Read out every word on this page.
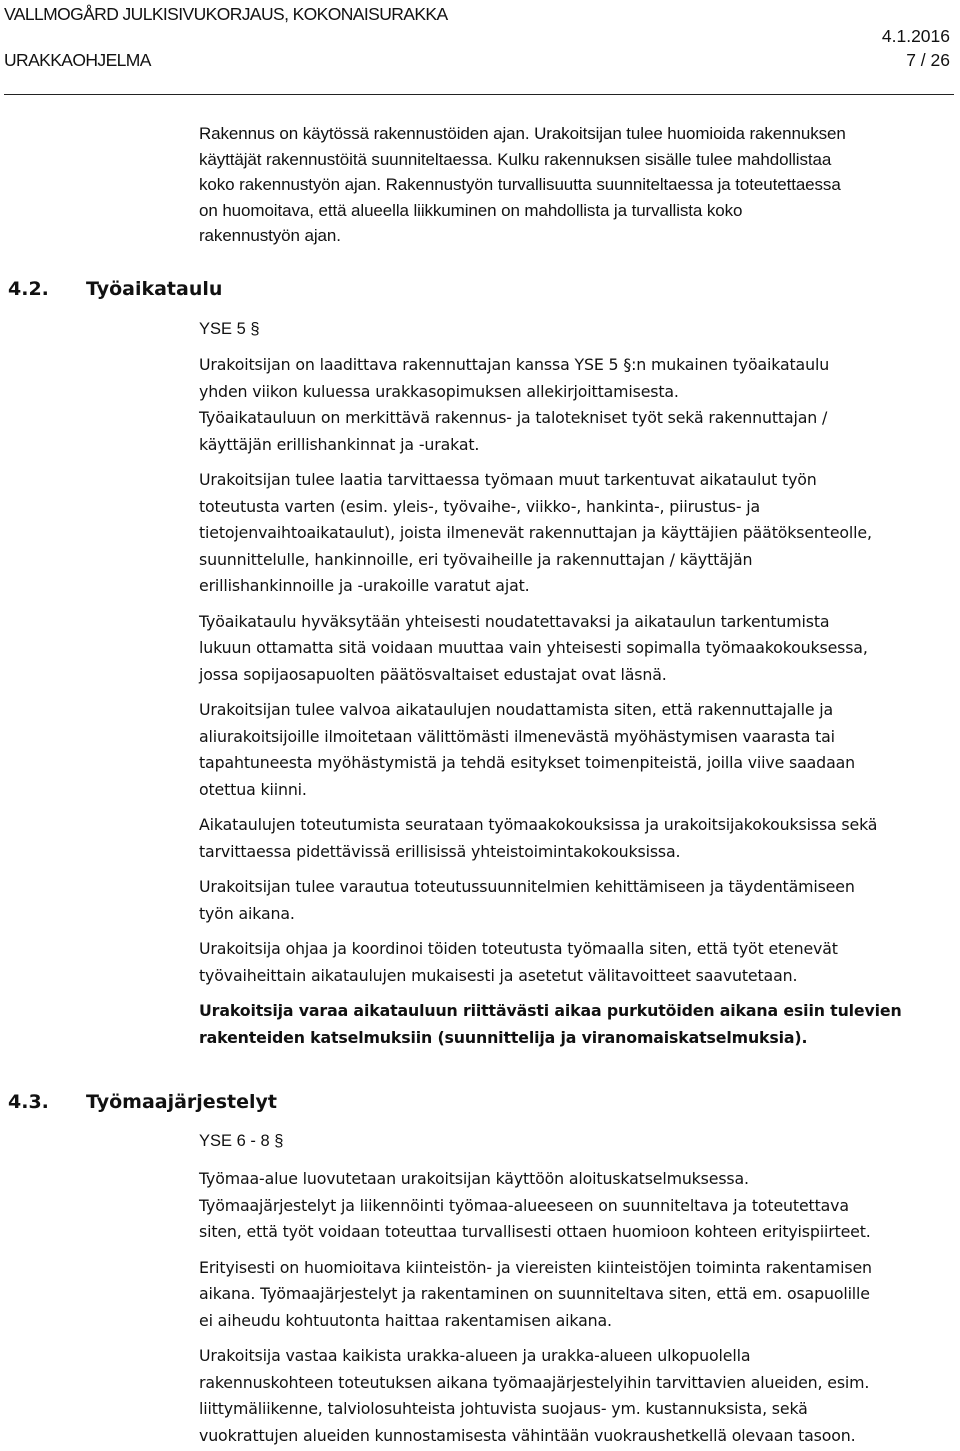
VALLMOGÅRD JULKISIVUKORJAUS, KOKONAISURAKKA
4.1.2016
URAKKAOHJELMA	7 / 26
Rakennus on käytössä rakennustöiden ajan. Urakoitsijan tulee huomioida rakennuksen
käyttäjät rakennustöitä suunniteltaessa. Kulku rakennuksen sisälle tulee mahdollistaa
koko rakennustyön ajan. Rakennustyön turvallisuutta suunniteltaessa ja toteutettaessa
on huomoitava, että alueella liikkuminen on mahdollista ja turvallista koko
rakennustyön ajan.
4.2. Työaikataulu
YSE 5 §
Urakoitsijan on laadittava rakennuttajan kanssa YSE 5 §:n mukainen työaikataulu
yhden viikon kuluessa urakkasopimuksen allekirjoittamisesta.
Työaikatauluun on merkittävä rakennus- ja talotekniset työt sekä rakennuttajan /
käyttäjän erillishankinnat ja -urakat.
Urakoitsijan tulee laatia tarvittaessa työmaan muut tarkentuvat aikataulut työn
toteutusta varten (esim. yleis-, työvaihe-, viikko-, hankinta-, piirustus- ja
tietojenvaihtoaikataulut), joista ilmenevät rakennuttajan ja käyttäjien päätöksenteolle,
suunnittelulle, hankinnoille, eri työvaiheille ja rakennuttajan / käyttäjän
erillishankinnoille ja -urakoille varatut ajat.
Työaikataulu hyväksytään yhteisesti noudatettavaksi ja aikataulun tarkentumista
lukuun ottamatta sitä voidaan muuttaa vain yhteisesti sopimalla työmaakokouksessa,
jossa sopijaosapuolten päätösvaltaiset edustajat ovat läsnä.
Urakoitsijan tulee valvoa aikataulujen noudattamista siten, että rakennuttajalle ja
aliurakoitsijoille ilmoitetaan välittömästi ilmenevästä myöhästymisen vaarasta tai
tapahtuneesta myöhästymistä ja tehdä esitykset toimenpiteistä, joilla viive saadaan
otettua kiinni.
Aikataulujen toteutumista seurataan työmaakokouksissa ja urakoitsijakokouksissa sekä
tarvittaessa pidettävissä erillisissä yhteistoimintakokouksissa.
Urakoitsijan tulee varautua toteutussuunnitelmien kehittämiseen ja täydentämiseen
työn aikana.
Urakoitsija ohjaa ja koordinoi töiden toteutusta työmaalla siten, että työt etenevät
työvaiheittain aikataulujen mukaisesti ja asetetut välitavoitteet saavutetaan.
Urakoitsija varaa aikatauluun riittävästi aikaa purkutöiden aikana esiin tulevien
rakenteiden katselmuksiin (suunnittelija ja viranomaiskatselmuksia).
4.3. Työmaajärjestelyt
YSE 6 - 8 §
Työmaa-alue luovutetaan urakoitsijan käyttöön aloituskatselmuksessa.
Työmaajärjestelyt ja liikennöinti työmaa-alueeseen on suunniteltava ja toteutettava
siten, että työt voidaan toteuttaa turvallisesti ottaen huomioon kohteen erityispiirteet.
Erityisesti on huomioitava kiinteistön- ja viereisten kiinteistöjen toiminta rakentamisen
aikana. Työmaajärjestelyt ja rakentaminen on suunniteltava siten, että em. osapuolille
ei aiheudu kohtuutonta haittaa rakentamisen aikana.
Urakoitsija vastaa kaikista urakka-alueen ja urakka-alueen ulkopuolella
rakennuskohteen toteutuksen aikana työmaajärjestelyihin tarvittavien alueiden, esim.
liittymäliikenne, talviolosuhteista johtuvista suojaus- ym. kustannuksista, sekä
vuokrattujen alueiden kunnostamisesta vähintään vuokraushetkellä olevaan tasoon.
